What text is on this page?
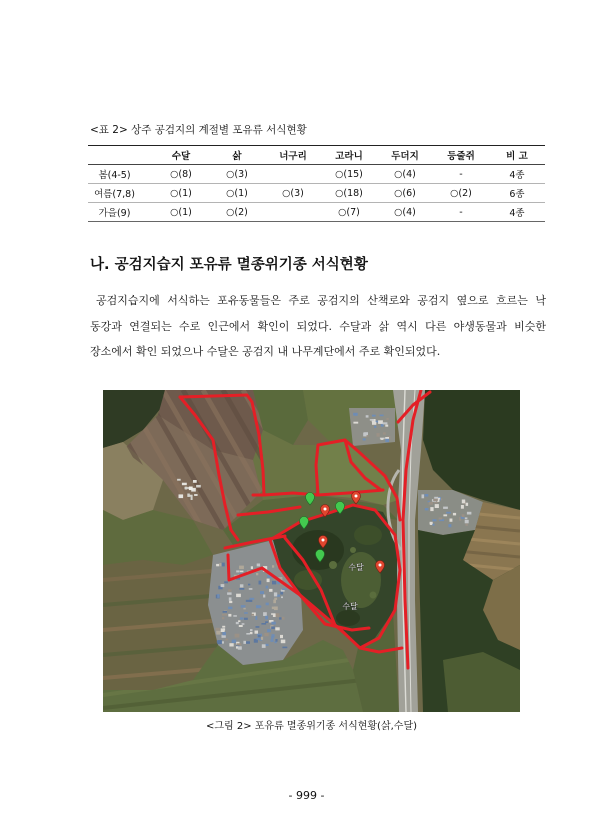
<표 2> 상주 공검지의 계절별 포유류 서식현황
	수달	삵	너구리	고라니	두더지	등줄쥐	비 고
봄(4-5)	○(8)	○(3)		○(15)	○(4)	-	4종
여름(7,8)	○(1)	○(1)	○(3)	○(18)	○(6)	○(2)	6종
가을(9)	○(1)	○(2)		○(7)	○(4)	-	4종
나. 공검지습지 포유류 멸종위기종 서식현황
공검지습지에 서식하는 포유동물들은 주로 공검지의 산책로와 공검지 옆으로 흐르는 낙
동강과 연결되는 수로 인근에서 확인이 되었다. 수달과 삵 역시 다른 야생동물과 비슷한
장소에서 확인 되었으나 수달은 공검지 내 나무계단에서 주로 확인되었다.
수달
수달
<그림 2> 포유류 멸종위기종 서식현황(삵,수달)
- 999 -
